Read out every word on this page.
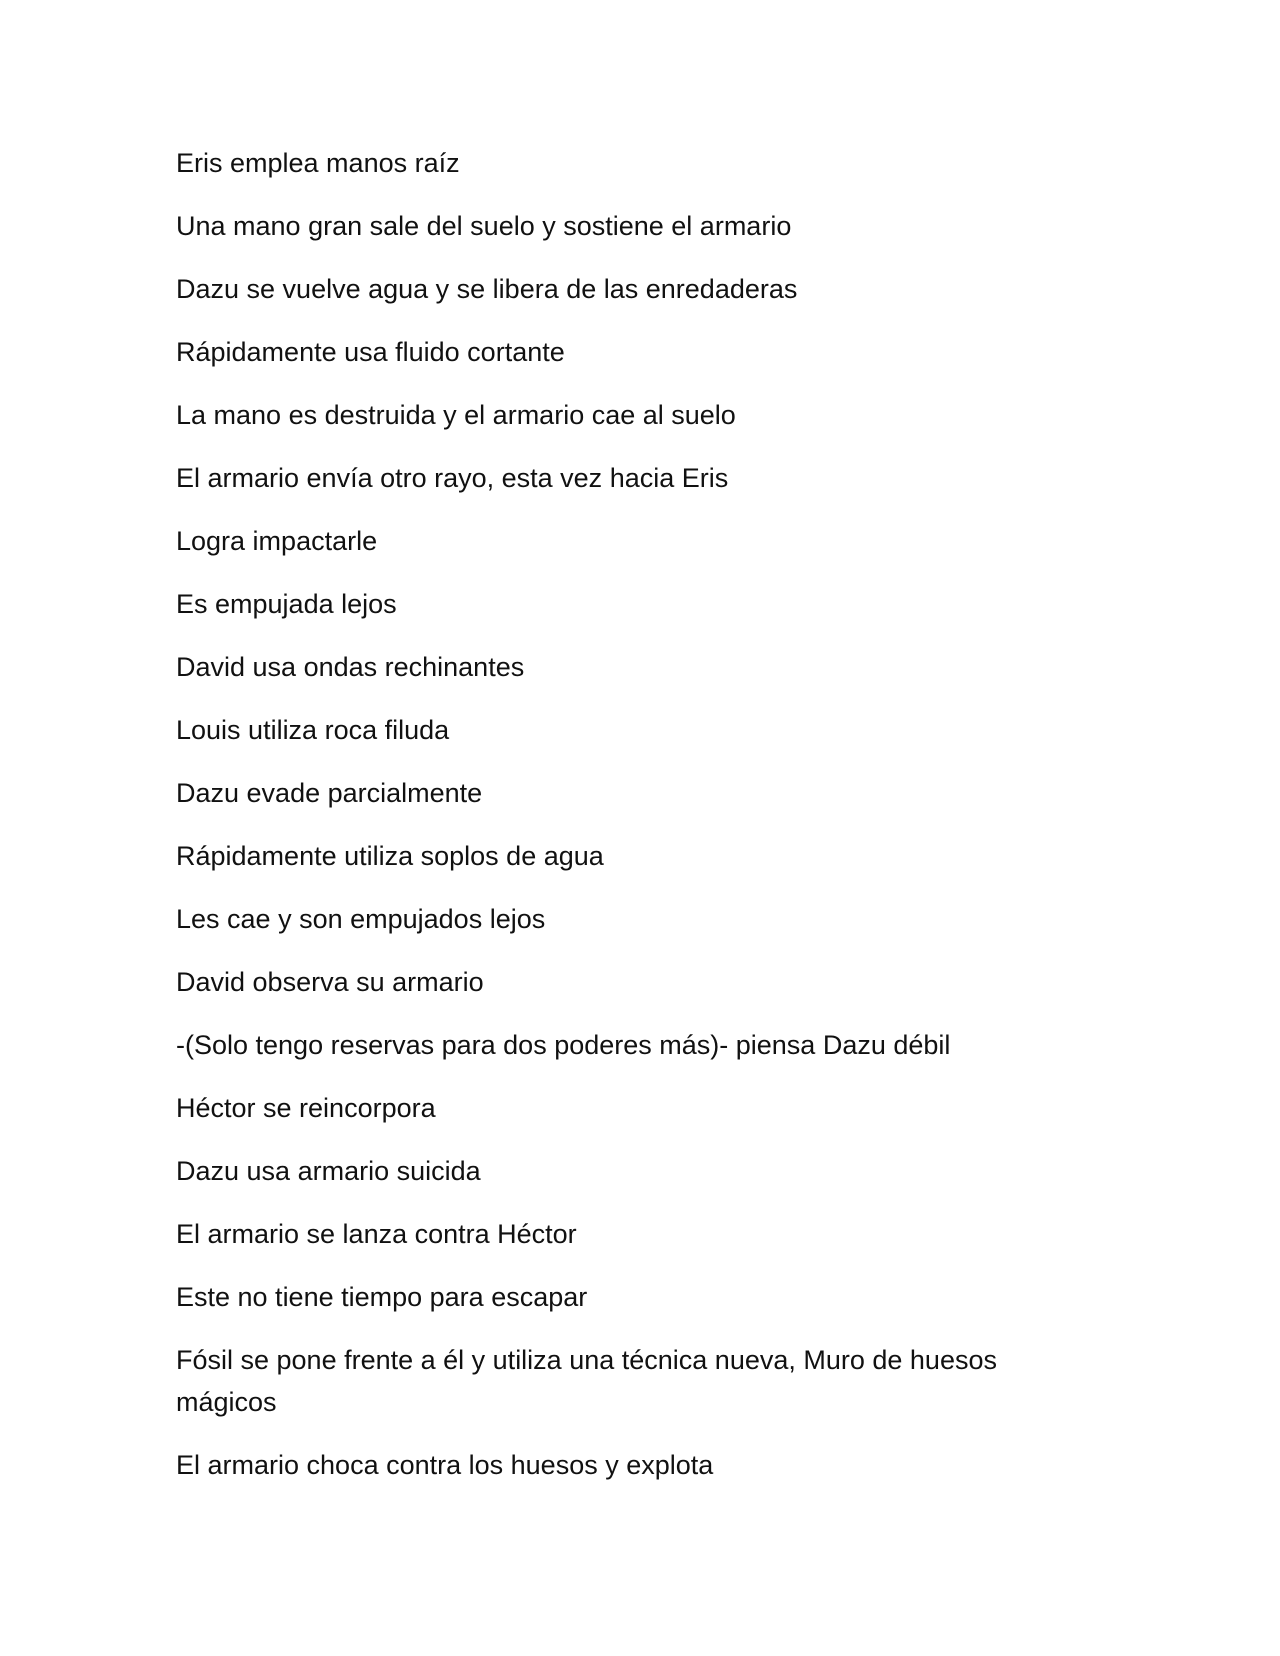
Eris emplea manos raíz

Una mano gran sale del suelo y sostiene el armario

Dazu se vuelve agua y se libera de las enredaderas

Rápidamente usa fluido cortante

La mano es destruida y el armario cae al suelo

El armario envía otro rayo, esta vez hacia Eris

Logra impactarle

Es empujada lejos

David usa ondas rechinantes

Louis utiliza roca filuda

Dazu evade parcialmente

Rápidamente utiliza soplos de agua

Les cae y son empujados lejos

David observa su armario

-(Solo tengo reservas para dos poderes más)- piensa Dazu débil

Héctor se reincorpora

Dazu usa armario suicida

El armario se lanza contra Héctor

Este no tiene tiempo para escapar

Fósil se pone frente a él y utiliza una técnica nueva, Muro de huesos mágicos

El armario choca contra los huesos y explota
